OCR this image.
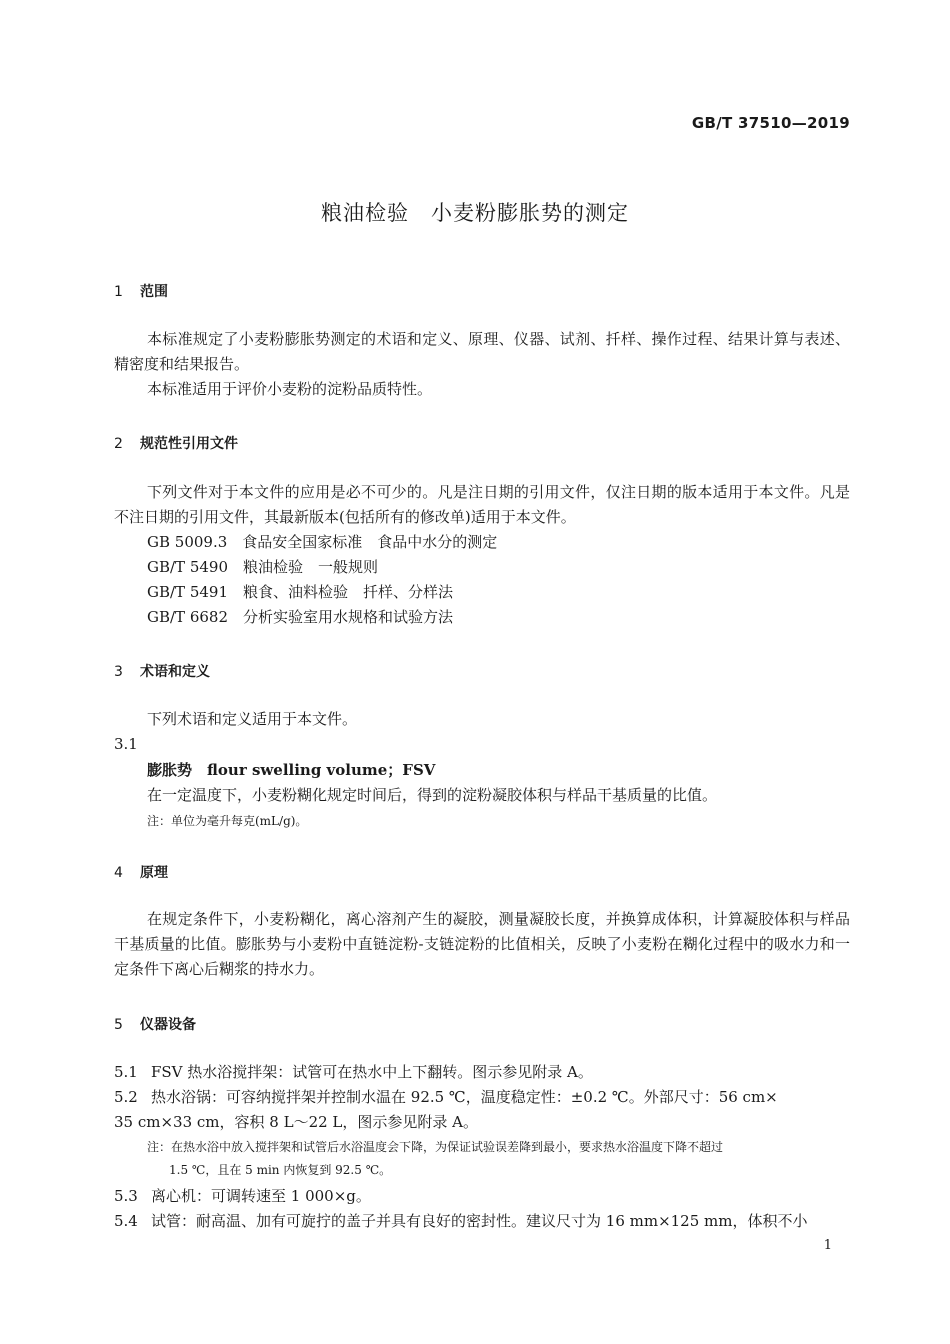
GB/T 37510—2019
粮油检验　小麦粉膨胀势的测定
1 范围
本标准规定了小麦粉膨胀势测定的术语和定义、原理、仪器、试剂、扦样、操作过程、结果计算与表述、精密度和结果报告。
本标准适用于评价小麦粉的淀粉品质特性。
2 规范性引用文件
下列文件对于本文件的应用是必不可少的。凡是注日期的引用文件，仅注日期的版本适用于本文件。凡是不注日期的引用文件，其最新版本(包括所有的修改单)适用于本文件。
GB 5009.3　食品安全国家标准　食品中水分的测定
GB/T 5490　粮油检验　一般规则
GB/T 5491　粮食、油料检验　扦样、分样法
GB/T 6682　分析实验室用水规格和试验方法
3 术语和定义
下列术语和定义适用于本文件。
3.1
膨胀势　flour swelling volume；FSV
在一定温度下，小麦粉糊化规定时间后，得到的淀粉凝胶体积与样品干基质量的比值。
注：单位为毫升每克(mL/g)。
4 原理
在规定条件下，小麦粉糊化，离心溶剂产生的凝胶，测量凝胶长度，并换算成体积，计算凝胶体积与样品干基质量的比值。膨胀势与小麦粉中直链淀粉-支链淀粉的比值相关，反映了小麦粉在糊化过程中的吸水力和一定条件下离心后糊浆的持水力。
5 仪器设备
5.1 FSV 热水浴搅拌架：试管可在热水中上下翻转。图示参见附录 A。
5.2 热水浴锅：可容纳搅拌架并控制水温在 92.5 ℃，温度稳定性：±0.2 ℃。外部尺寸：56 cm×
35 cm×33 cm，容积 8 L～22 L，图示参见附录 A。
注：在热水浴中放入搅拌架和试管后水浴温度会下降，为保证试验误差降到最小，要求热水浴温度下降不超过
1.5 ℃，且在 5 min 内恢复到 92.5 ℃。
5.3 离心机：可调转速至 1 000×g。
5.4 试管：耐高温、加有可旋拧的盖子并具有良好的密封性。建议尺寸为 16 mm×125 mm，体积不小
1
